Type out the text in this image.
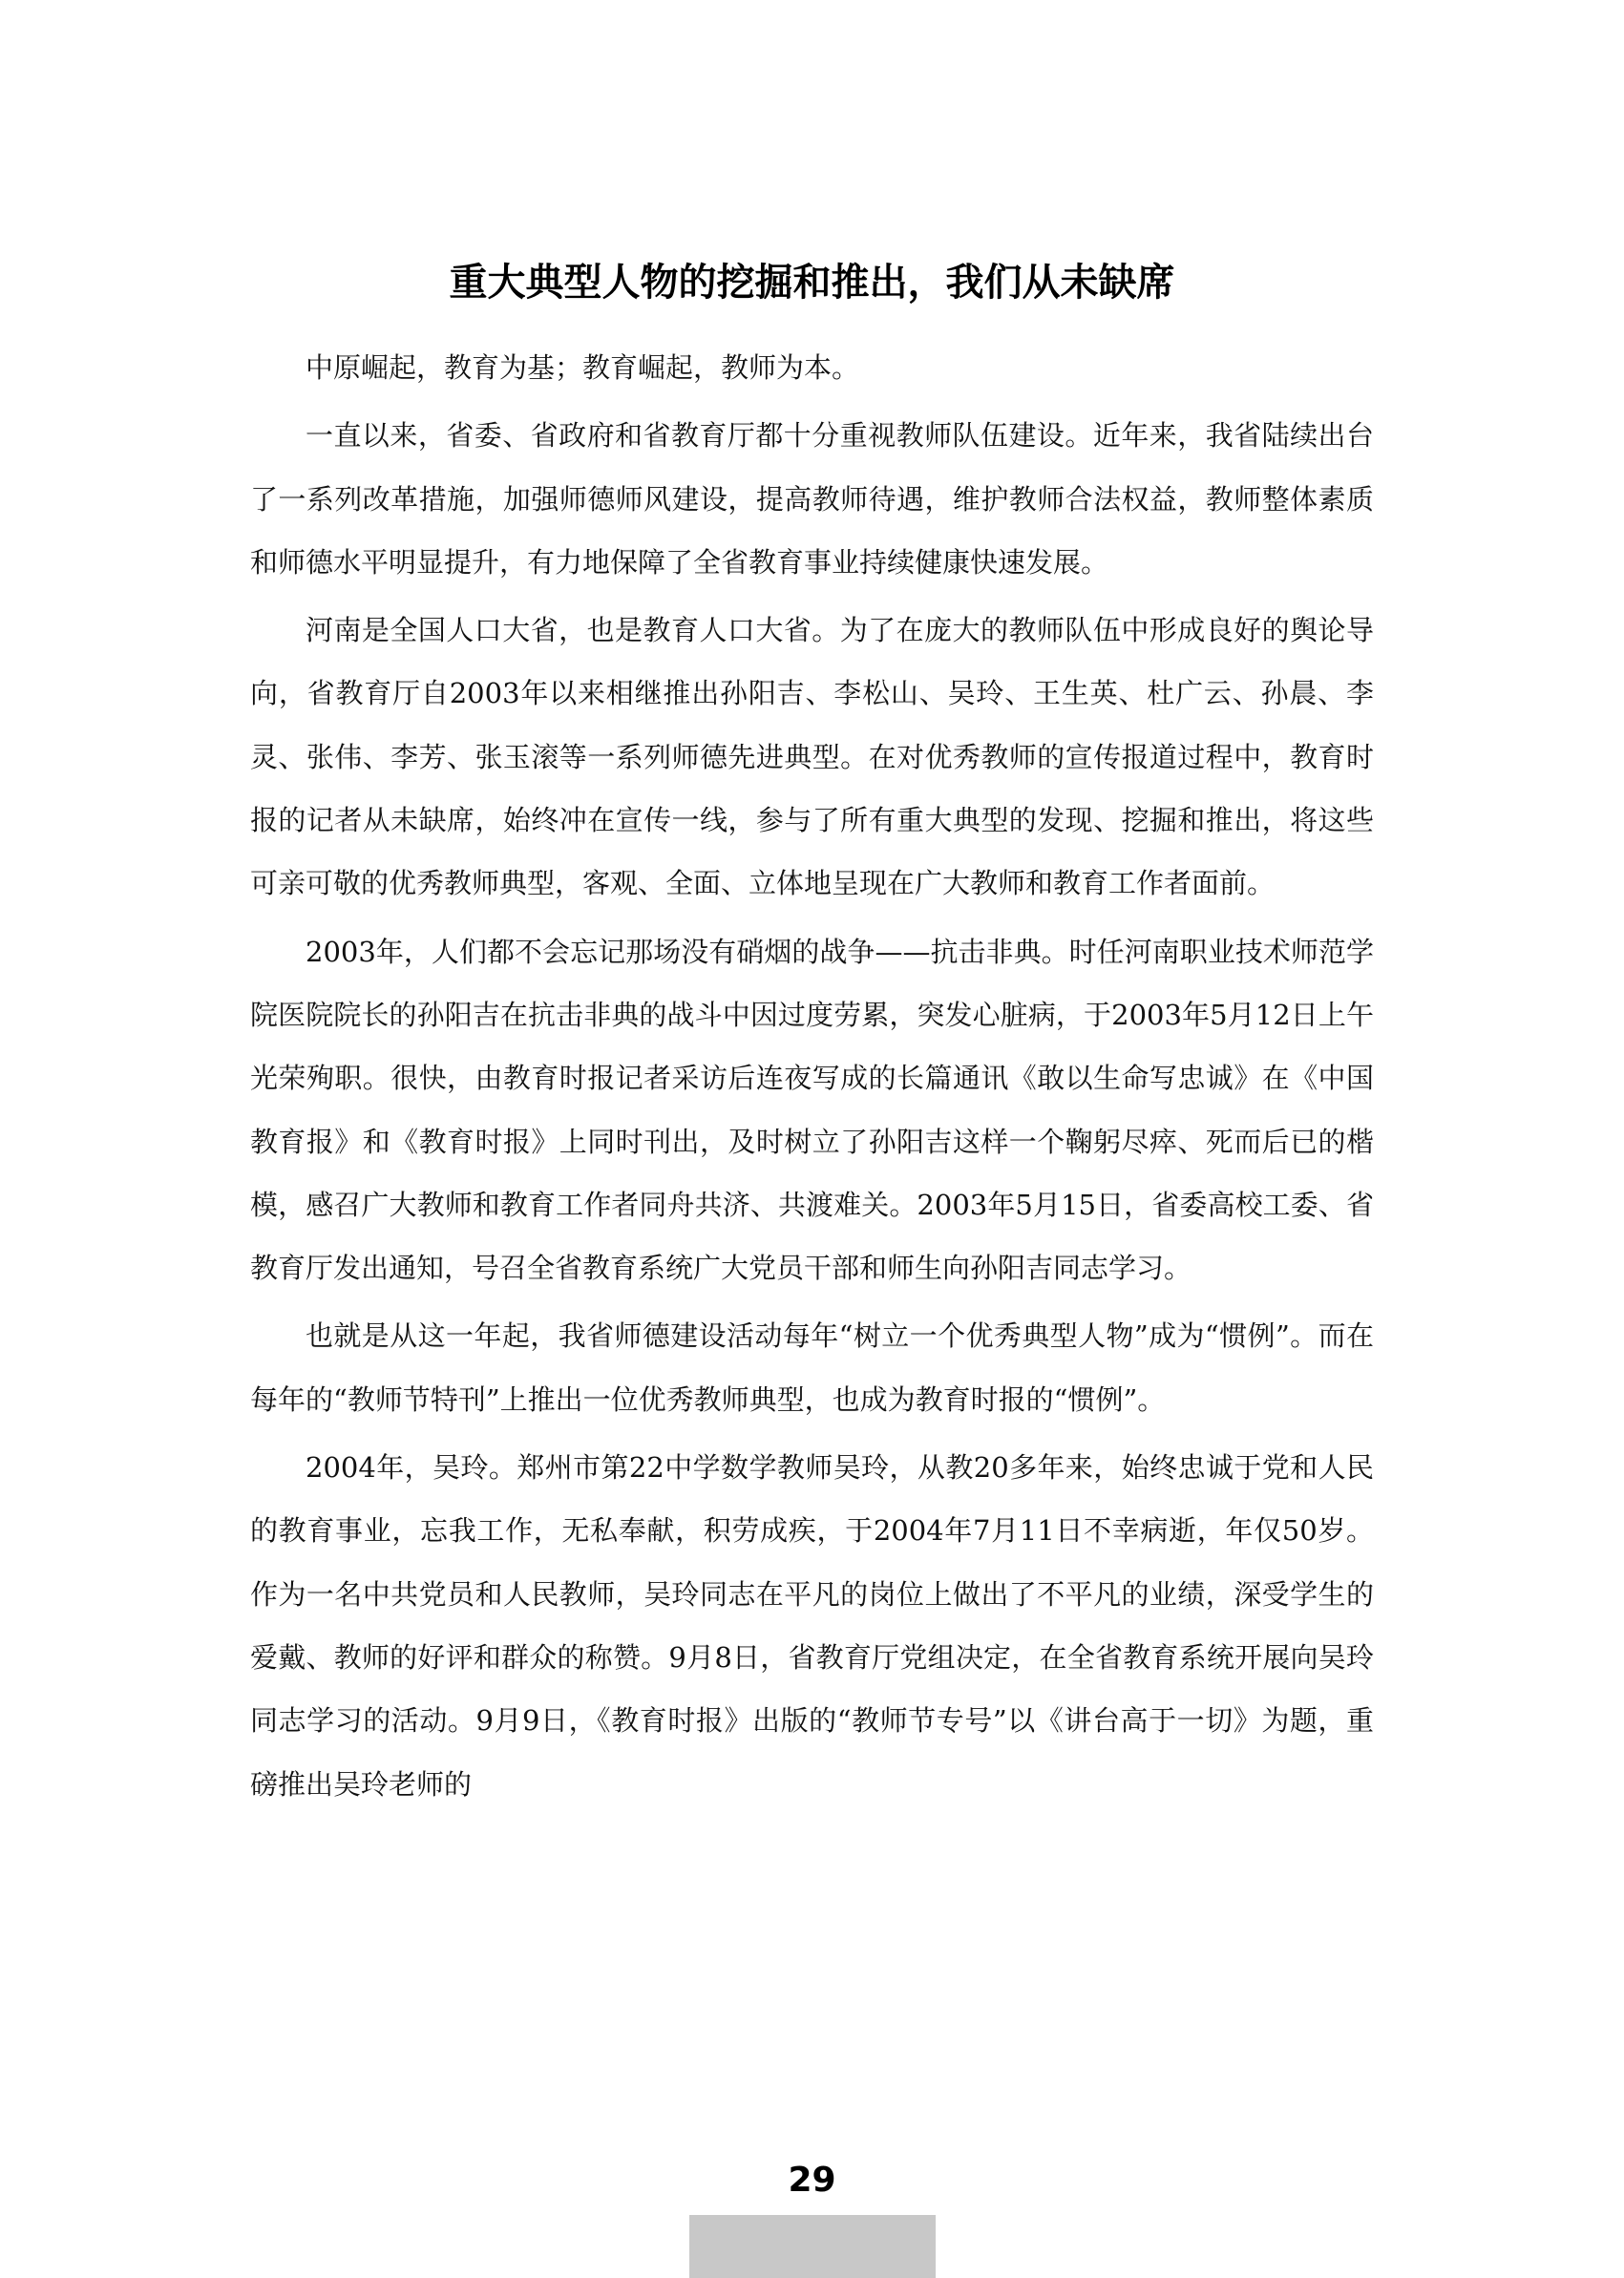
重大典型人物的挖掘和推出，我们从未缺席

中原崛起，教育为基；教育崛起，教师为本。

一直以来，省委、省政府和省教育厅都十分重视教师队伍建设。近年来，我省陆续出台了一系列改革措施，加强师德师风建设，提高教师待遇，维护教师合法权益，教师整体素质和师德水平明显提升，有力地保障了全省教育事业持续健康快速发展。

河南是全国人口大省，也是教育人口大省。为了在庞大的教师队伍中形成良好的舆论导向，省教育厅自2003年以来相继推出孙阳吉、李松山、吴玲、王生英、杜广云、孙晨、李灵、张伟、李芳、张玉滚等一系列师德先进典型。在对优秀教师的宣传报道过程中，教育时报的记者从未缺席，始终冲在宣传一线，参与了所有重大典型的发现、挖掘和推出，将这些可亲可敬的优秀教师典型，客观、全面、立体地呈现在广大教师和教育工作者面前。

2003年，人们都不会忘记那场没有硝烟的战争——抗击非典。时任河南职业技术师范学院医院院长的孙阳吉在抗击非典的战斗中因过度劳累，突发心脏病，于2003年5月12日上午光荣殉职。很快，由教育时报记者采访后连夜写成的长篇通讯《敢以生命写忠诚》在《中国教育报》和《教育时报》上同时刊出，及时树立了孙阳吉这样一个鞠躬尽瘁、死而后已的楷模，感召广大教师和教育工作者同舟共济、共渡难关。2003年5月15日，省委高校工委、省教育厅发出通知，号召全省教育系统广大党员干部和师生向孙阳吉同志学习。

也就是从这一年起，我省师德建设活动每年“树立一个优秀典型人物”成为“惯例”。而在每年的“教师节特刊”上推出一位优秀教师典型，也成为教育时报的“惯例”。

2004年，吴玲。郑州市第22中学数学教师吴玲，从教20多年来，始终忠诚于党和人民的教育事业，忘我工作，无私奉献，积劳成疾，于2004年7月11日不幸病逝，年仅50岁。作为一名中共党员和人民教师，吴玲同志在平凡的岗位上做出了不平凡的业绩，深受学生的爱戴、教师的好评和群众的称赞。9月8日，省教育厅党组决定，在全省教育系统开展向吴玲同志学习的活动。9月9日，《教育时报》出版的“教师节专号”以《讲台高于一切》为题，重磅推出吴玲老师的

29
